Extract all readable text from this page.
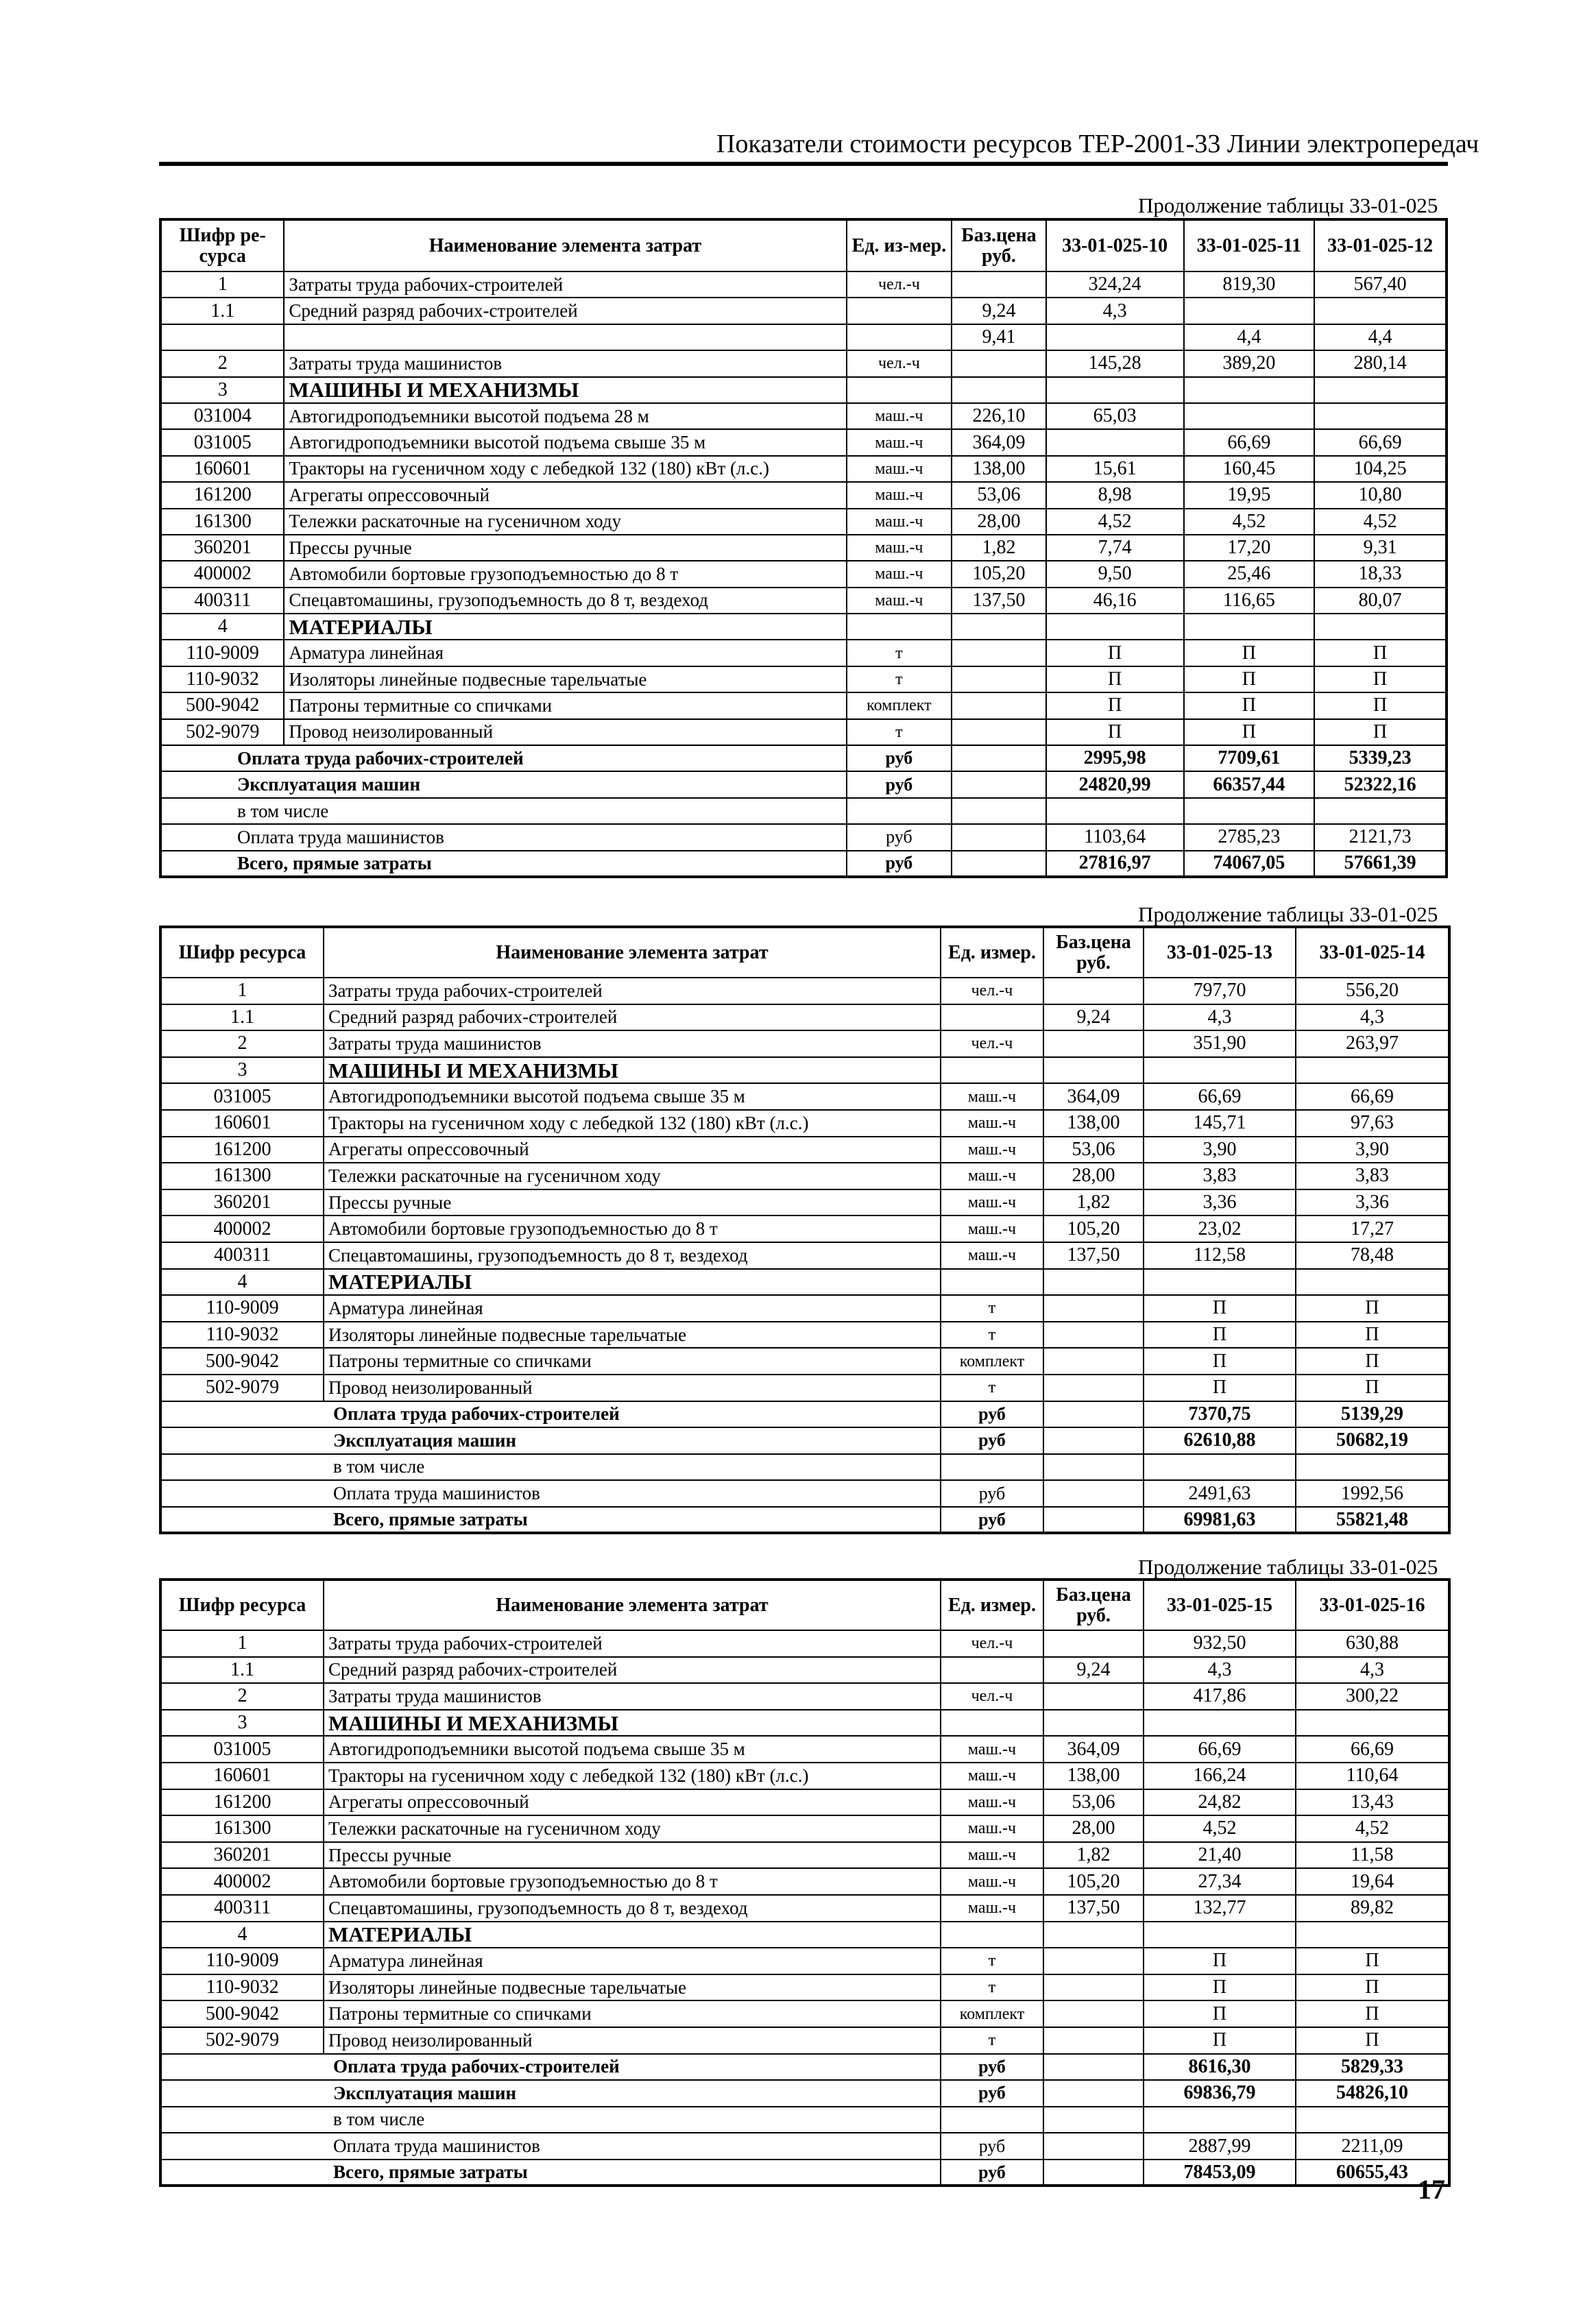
Показатели стоимости ресурсов ТЕР-2001-33 Линии электропередач
Продолжение таблицы 33-01-025
Шифр ре-сурса	Наименование элемента затрат	Ед. из-мер.	Баз.цена руб.	33-01-025-10	33-01-025-11	33-01-025-12
1	Затраты труда рабочих-строителей	чел.-ч		324,24	819,30	567,40
1.1	Средний разряд рабочих-строителей		9,24	4,3		
			9,41		4,4	4,4
2	Затраты труда машинистов	чел.-ч		145,28	389,20	280,14
3	МАШИНЫ И МЕХАНИЗМЫ					
031004	Автогидроподъемники высотой подъема 28 м	маш.-ч	226,10	65,03		
031005	Автогидроподъемники высотой подъема свыше 35 м	маш.-ч	364,09		66,69	66,69
160601	Тракторы на гусеничном ходу с лебедкой 132 (180) кВт (л.с.)	маш.-ч	138,00	15,61	160,45	104,25
161200	Агрегаты опрессовочный	маш.-ч	53,06	8,98	19,95	10,80
161300	Тележки раскаточные на гусеничном ходу	маш.-ч	28,00	4,52	4,52	4,52
360201	Прессы ручные	маш.-ч	1,82	7,74	17,20	9,31
400002	Автомобили бортовые грузоподъемностью до 8 т	маш.-ч	105,20	9,50	25,46	18,33
400311	Спецавтомашины, грузоподъемность до 8 т, вездеход	маш.-ч	137,50	46,16	116,65	80,07
4	МАТЕРИАЛЫ					
110-9009	Арматура линейная	т		П	П	П
110-9032	Изоляторы линейные подвесные тарельчатые	т		П	П	П
500-9042	Патроны термитные со спичками	комплект		П	П	П
502-9079	Провод неизолированный	т		П	П	П
Оплата труда рабочих-строителей		руб		2995,98	7709,61	5339,23
Эксплуатация машин		руб		24820,99	66357,44	52322,16
в том числе						
Оплата труда машинистов		руб		1103,64	2785,23	2121,73
Всего, прямые затраты		руб		27816,97	74067,05	57661,39
Продолжение таблицы 33-01-025
Шифр ресурса	Наименование элемента затрат	Ед. измер.	Баз.цена руб.	33-01-025-13	33-01-025-14
1	Затраты труда рабочих-строителей	чел.-ч		797,70	556,20
1.1	Средний разряд рабочих-строителей		9,24	4,3	4,3
2	Затраты труда машинистов	чел.-ч		351,90	263,97
3	МАШИНЫ И МЕХАНИЗМЫ				
031005	Автогидроподъемники высотой подъема свыше 35 м	маш.-ч	364,09	66,69	66,69
160601	Тракторы на гусеничном ходу с лебедкой 132 (180) кВт (л.с.)	маш.-ч	138,00	145,71	97,63
161200	Агрегаты опрессовочный	маш.-ч	53,06	3,90	3,90
161300	Тележки раскаточные на гусеничном ходу	маш.-ч	28,00	3,83	3,83
360201	Прессы ручные	маш.-ч	1,82	3,36	3,36
400002	Автомобили бортовые грузоподъемностью до 8 т	маш.-ч	105,20	23,02	17,27
400311	Спецавтомашины, грузоподъемность до 8 т, вездеход	маш.-ч	137,50	112,58	78,48
4	МАТЕРИАЛЫ				
110-9009	Арматура линейная	т		П	П
110-9032	Изоляторы линейные подвесные тарельчатые	т		П	П
500-9042	Патроны термитные со спичками	комплект		П	П
502-9079	Провод неизолированный	т		П	П
Оплата труда рабочих-строителей		руб		7370,75	5139,29
Эксплуатация машин		руб		62610,88	50682,19
в том числе					
Оплата труда машинистов		руб		2491,63	1992,56
Всего, прямые затраты		руб		69981,63	55821,48
Продолжение таблицы 33-01-025
Шифр ресурса	Наименование элемента затрат	Ед. измер.	Баз.цена руб.	33-01-025-15	33-01-025-16
1	Затраты труда рабочих-строителей	чел.-ч		932,50	630,88
1.1	Средний разряд рабочих-строителей		9,24	4,3	4,3
2	Затраты труда машинистов	чел.-ч		417,86	300,22
3	МАШИНЫ И МЕХАНИЗМЫ				
031005	Автогидроподъемники высотой подъема свыше 35 м	маш.-ч	364,09	66,69	66,69
160601	Тракторы на гусеничном ходу с лебедкой 132 (180) кВт (л.с.)	маш.-ч	138,00	166,24	110,64
161200	Агрегаты опрессовочный	маш.-ч	53,06	24,82	13,43
161300	Тележки раскаточные на гусеничном ходу	маш.-ч	28,00	4,52	4,52
360201	Прессы ручные	маш.-ч	1,82	21,40	11,58
400002	Автомобили бортовые грузоподъемностью до 8 т	маш.-ч	105,20	27,34	19,64
400311	Спецавтомашины, грузоподъемность до 8 т, вездеход	маш.-ч	137,50	132,77	89,82
4	МАТЕРИАЛЫ				
110-9009	Арматура линейная	т		П	П
110-9032	Изоляторы линейные подвесные тарельчатые	т		П	П
500-9042	Патроны термитные со спичками	комплект		П	П
502-9079	Провод неизолированный	т		П	П
Оплата труда рабочих-строителей		руб		8616,30	5829,33
Эксплуатация машин		руб		69836,79	54826,10
в том числе					
Оплата труда машинистов		руб		2887,99	2211,09
Всего, прямые затраты		руб		78453,09	60655,43
17
